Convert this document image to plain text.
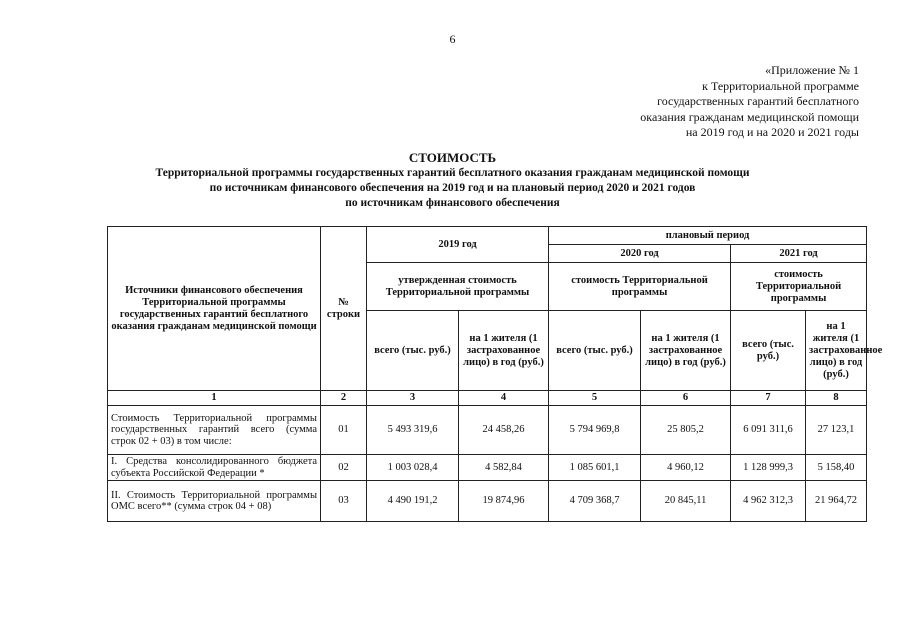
6
«Приложение № 1
к Территориальной программе
государственных гарантий бесплатного
оказания гражданам медицинской помощи
на 2019 год и на 2020 и 2021 годы
СТОИМОСТЬ
Территориальной программы государственных гарантий бесплатного оказания гражданам медицинской помощи
по источникам финансового обеспечения на 2019 год и на плановый период 2020 и 2021 годов
по источникам финансового обеспечения
Источники финансового обеспечения Территориальной программы государственных гарантий бесплатного оказания гражданам медицинской помощи	№ строки	2019 год		плановый период			
				2020 год		2021 год	
		утвержденная стоимость Территориальной программы		стоимость Территориальной программы		стоимость Территориальной программы	
		всего (тыс. руб.)	на 1 жителя (1 застрахованное лицо) в год (руб.)	всего (тыс. руб.)	на 1 жителя (1 застрахованное лицо) в год (руб.)	всего (тыс. руб.)	на 1 жителя (1 застрахованное лицо) в год (руб.)
1	2	3	4	5	6	7	8
Стоимость Территориальной программы государственных гарантий всего (сумма строк 02 + 03) в том числе:	01	5 493 319,6	24 458,26	5 794 969,8	25 805,2	6 091 311,6	27 123,1
I. Средства консолидированного бюджета субъекта Российской Федерации *	02	1 003 028,4	4 582,84	1 085 601,1	4 960,12	1 128 999,3	5 158,40
II. Стоимость Территориальной программы ОМС всего** (сумма строк 04 + 08)	03	4 490 191,2	19 874,96	4 709 368,7	20 845,11	4 962 312,3	21 964,72
